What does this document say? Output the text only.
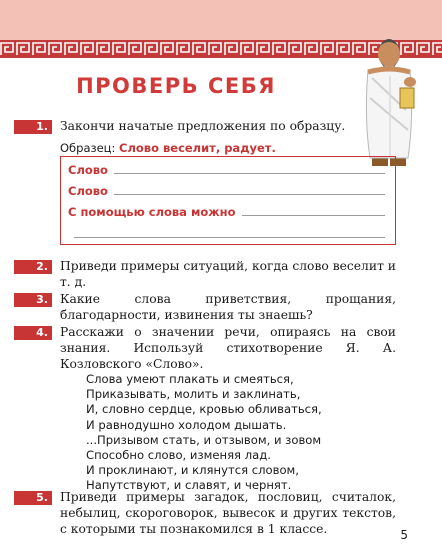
ПРОВЕРЬ СЕБЯ
1. Закончи начатые предложения по образцу.
Образец: Слово веселит, радует.
Слово
Слово
С помощью слова можно
2. Приведи примеры ситуаций, когда слово веселит и т. д.
3. Какие слова приветствия, прощания, благодарности, извинения ты знаешь?
4. Расскажи о значении речи, опираясь на свои знания. Используй стихотворение Я. А. Козловского «Слово».
Слова умеют плакать и смеяться,
Приказывать, молить и заклинать,
И, словно сердце, кровью обливаться,
И равнодушно холодом дышать.
...Призывом стать, и отзывом, и зовом
Способно слово, изменяя лад.
И проклинают, и клянутся словом,
Напутствуют, и славят, и чернят.
5. Приведи примеры загадок, пословиц, считалок, небылиц, скороговорок, вывесок и других текстов, с которыми ты познакомился в 1 классе.	5
